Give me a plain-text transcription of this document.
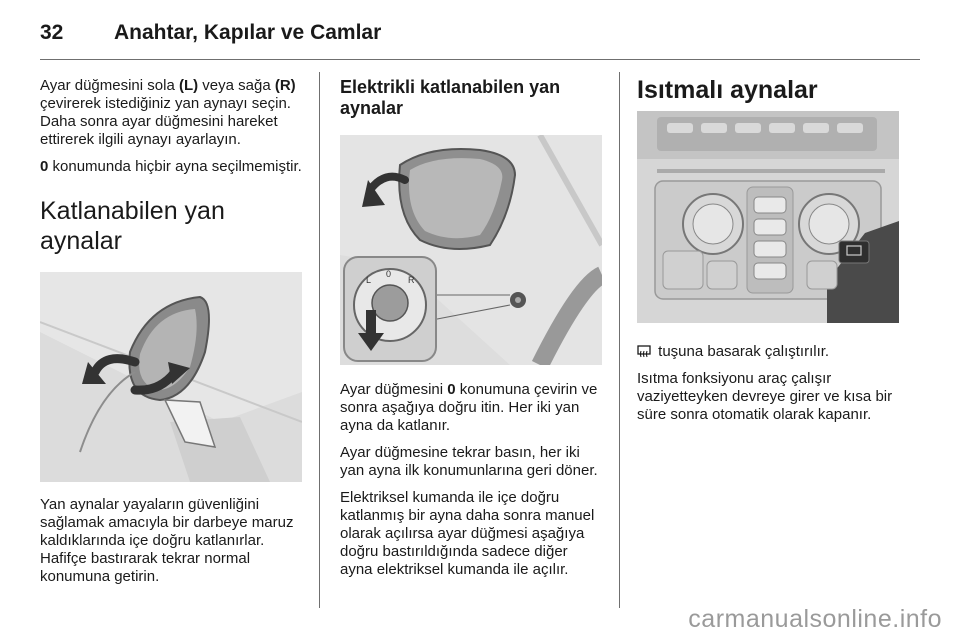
32	Anahtar, Kapılar ve Camlar

Ayar düğmesini sola (L) veya sağa (R) çevirerek istediğiniz yan aynayı seçin. Daha sonra ayar düğmesini hareket ettirerek ilgili aynayı ayarlayın.

0 konumunda hiçbir ayna seçilmemiştir.

Katlanabilen yan aynalar

Yan aynalar yayaların güvenliğini sağlamak amacıyla bir darbeye maruz kaldıklarında içe doğru katlanırlar. Hafifçe bastırarak tekrar normal konumuna getirin.

Elektrikli katlanabilen yan aynalar
L
0
R

Ayar düğmesini 0 konumuna çevirin ve sonra aşağıya doğru itin. Her iki yan ayna da katlanır.

Ayar düğmesine tekrar basın, her iki yan ayna ilk konumunlarına geri döner.

Elektriksel kumanda ile içe doğru katlanmış bir ayna daha sonra manuel olarak açılırsa ayar düğmesi aşağıya doğru bastırıldığında sadece diğer ayna elektriksel kumanda ile açılır.

Isıtmalı aynalar

tuşuna basarak çalıştırılır.

Isıtma fonksiyonu araç çalışır vaziyetteyken devreye girer ve kısa bir süre sonra otomatik olarak kapanır.

carmanualsonline.info
